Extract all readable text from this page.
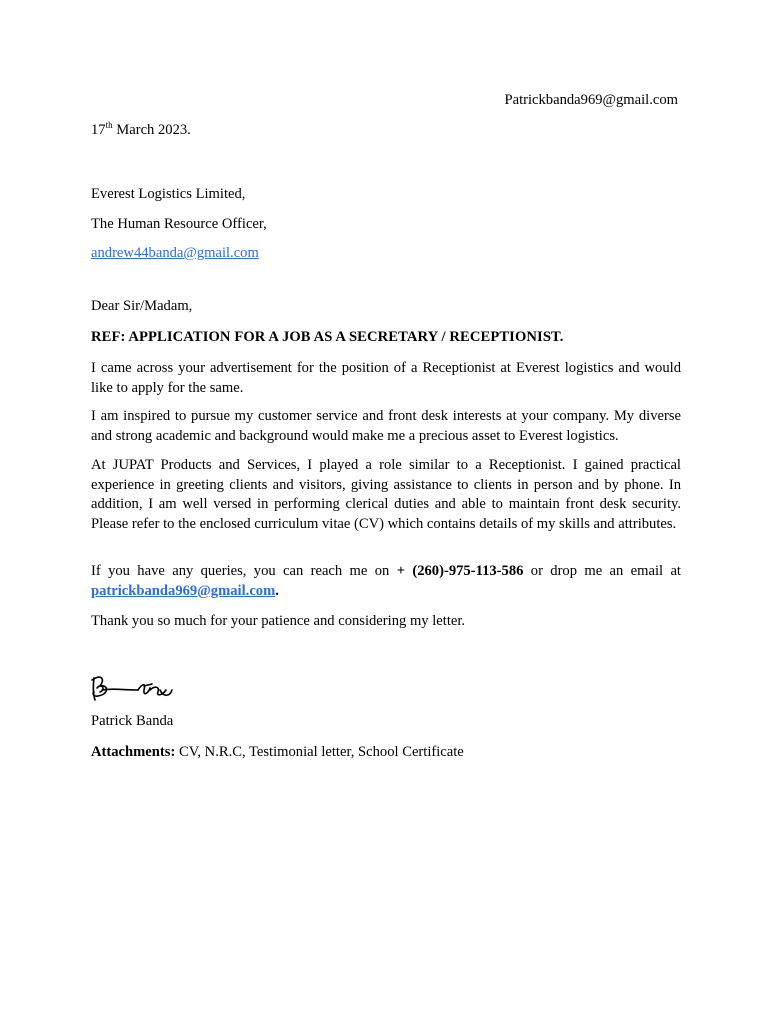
Patrickbanda969@gmail.com
17th March 2023.
Everest Logistics Limited,
The Human Resource Officer,
andrew44banda@gmail.com
Dear Sir/Madam,
REF: APPLICATION FOR A JOB AS A SECRETARY / RECEPTIONIST.
I came across your advertisement for the position of a Receptionist at Everest logistics and would like to apply for the same.
I am inspired to pursue my customer service and front desk interests at your company. My diverse and strong academic and background would make me a precious asset to Everest logistics.
At JUPAT Products and Services, I played a role similar to a Receptionist. I gained practical experience in greeting clients and visitors, giving assistance to clients in person and by phone. In addition, I am well versed in performing clerical duties and able to maintain front desk security. Please refer to the enclosed curriculum vitae (CV) which contains details of my skills and attributes.
If you have any queries, you can reach me on + (260)-975-113-586 or drop me an email at patrickbanda969@gmail.com.
Thank you so much for your patience and considering my letter.
Patrick Banda
Attachments: CV, N.R.C, Testimonial letter, School Certificate
